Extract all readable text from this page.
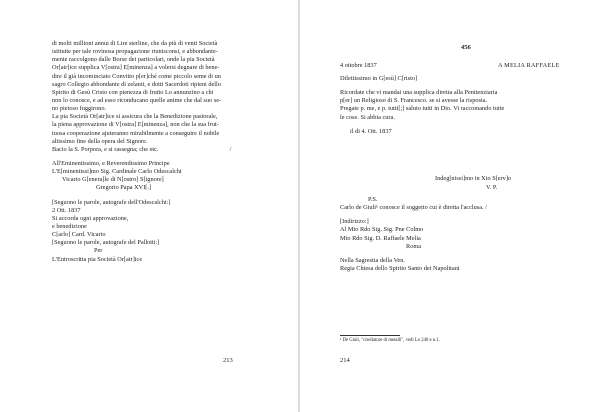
di molti millioni annui di Lire sterline, che da più di venti Società
istituite per tale rovinosa propagazione riunisconsi, e abbondante-
mente raccolgono dalle Borse dei particolari, onde la pia Società
Or[atr]ice supplica V[ostra] E[minenza] a volersi degnare di bene-
dire il già incominciato Convitto p[er]ché come piccolo seme di un
sagro Collegio abbondante di zelanti, e dotti Sacerdoti ripieni dello
Spirito di Gesù Cristo con pienezza di frutto Lo annunzino a chi
non lo conosce, e ad esso riconducano quelle anime che dal suo se-
no pietoso fuggirono.
La pia Società Or[atr]ice si assicura che la Benedizione pastorale,
la piena approvazione di V[ostra] E[minenza], non che la sua frut-
tuosa cooperazione ajuteranno mirabilmente a conseguire il nobile
altissimo fine della opera del Signore.
Bacio la S. Porpora, e si rassegna; che etc.	/
All'Eminentissimo, e Reverendissimo Principe
L'E[minentissi]mo Sig. Cardinale Carlo Odescalchi
Vicario G[enera]le di N[ostro] S[ignore]
Gregorio Papa XVI[.]
[Seguono le parole, autografe dell'Odescalchi:]
2 Ott. 1837
Si accorda ogni approvazione,
e benedizione
C[arlo] Card. Vicario
[Seguono le parole, autografe del Pallotti:]
Per
L'Entroscritta pia Società Or[atr]ice
213
456
4 ottobre 1837	A MELIA RAFFAELE
Dilettissimo in G[esù] C[risto]
Ricordate che vi mandai una supplica diretta alla Penitenziaria
p[er] un Religioso di S. Francesco. se si avesse la risposta.
Pregate p. me, e p. tutti[;] saluto tutti in Dio. Vi raccomando tutte
le cose. Si abbia cura.
il di 4. Ott. 1837
Indeg[nissi]mo in Xto S[erv]o
V. P.
P.S.
Carlo de Giuli¹ conosce il soggetto cui è diretta l'acclusa. /
[Indirizzo:]
Al Mto Rdo Sig. Sig. Pne Colmo
Mto Rdo Sig. D. Raffaele Melia
Roma
Nella Sagrestia della Ven.
Regia Chiesa dello Spirito Santo dei Napolitani
¹ De Giuli, "cisellatore di metalli", vedi Lo 240 e n.1.
214
